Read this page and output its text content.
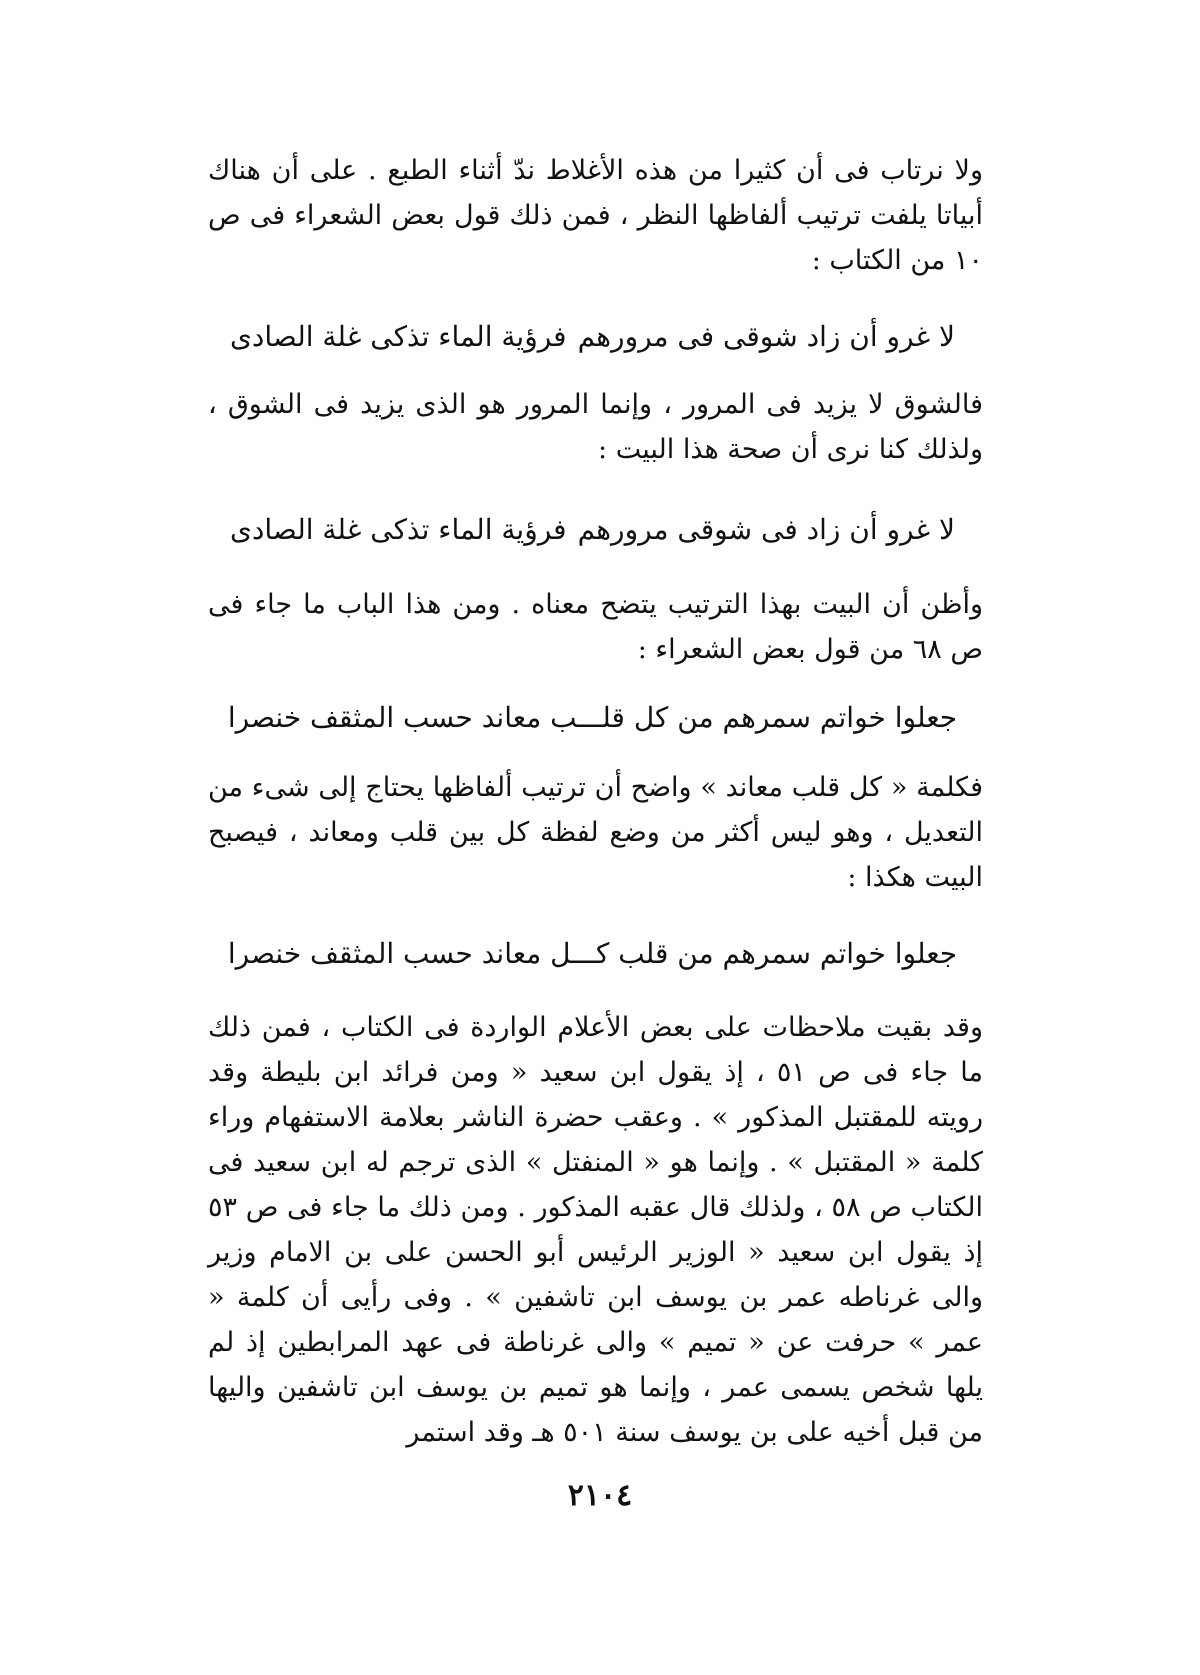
ولا نرتاب فى أن كثيرا من هذه الأغلاط ندّ أثناء الطبع . على أن هناك أبياتا يلفت ترتيب ألفاظها النظر ، فمن ذلك قول بعض الشعراء فى ص ١٠ من الكتاب :
لا غرو أن زاد شوقى فى مرورهم
فرؤية الماء تذكى غلة الصادى
فالشوق لا يزيد فى المرور ، وإنما المرور هو الذى يزيد فى الشوق ، ولذلك كنا نرى أن صحة هذا البيت :
لا غرو أن زاد فى شوقى مرورهم
فرؤية الماء تذكى غلة الصادى
وأظن أن البيت بهذا الترتيب يتضح معناه . ومن هذا الباب ما جاء فى ص ٦٨ من قول بعض الشعراء :
جعلوا خواتم سمرهم من كل قلـــب معاند حسب المثقف خنصرا
فكلمة « كل قلب معاند » واضح أن ترتيب ألفاظها يحتاج إلى شىء من التعديل ، وهو ليس أكثر من وضع لفظة كل بين قلب ومعاند ، فيصبح البيت هكذا :
جعلوا خواتم سمرهم من قلب كـــل معاند حسب المثقف خنصرا
وقد بقيت ملاحظات على بعض الأعلام الواردة فى الكتاب ، فمن ذلك ما جاء فى ص ٥١ ، إذ يقول ابن سعيد « ومن فرائد ابن بليطة وقد رويته للمقتبل المذكور » . وعقب حضرة الناشر بعلامة الاستفهام وراء كلمة « المقتبل » . وإنما هو « المنفتل » الذى ترجم له ابن سعيد فى الكتاب ص ٥٨ ، ولذلك قال عقبه المذكور . ومن ذلك ما جاء فى ص ٥٣ إذ يقول ابن سعيد « الوزير الرئيس أبو الحسن على بن الامام وزير والى غرناطه عمر بن يوسف ابن تاشفين » . وفى رأيى أن كلمة « عمر » حرفت عن « تميم » والى غرناطة فى عهد المرابطين إذ لم يلها شخص يسمى عمر ، وإنما هو تميم بن يوسف ابن تاشفين واليها من قبل أخيه على بن يوسف سنة ٥٠١ هـ وقد استمر
٢١٠٤
